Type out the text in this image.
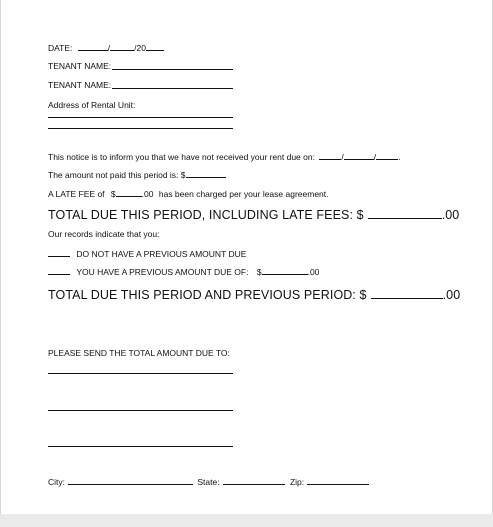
DATE:	/	/20
TENANT NAME:
TENANT NAME:
Address of Rental Unit:
This notice is to inform you that we have not received your rent due on:	/	/	.
The amount not paid this period is: $
A LATE FEE of $	.00 has been charged per your lease agreement.
TOTAL DUE THIS PERIOD, INCLUDING LATE FEES: $	.00
Our records indicate that you:
DO NOT HAVE A PREVIOUS AMOUNT DUE
YOU HAVE A PREVIOUS AMOUNT DUE OF: $	.00
TOTAL DUE THIS PERIOD AND PREVIOUS PERIOD: $	.00
PLEASE SEND THE TOTAL AMOUNT DUE TO:
City:	State:	Zip:
